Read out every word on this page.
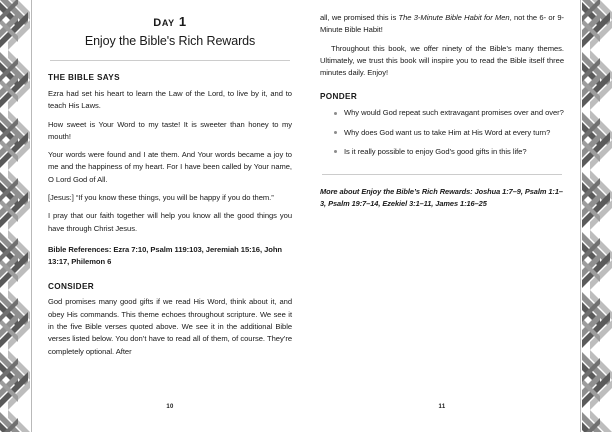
day 1
Enjoy the Bible's Rich Rewards
THE BIBLE SAYS

Ezra had set his heart to learn the Law of the Lord, to live by it, and to teach His Laws.

How sweet is Your Word to my taste! It is sweeter than honey to my mouth!

Your words were found and I ate them. And Your words became a joy to me and the happiness of my heart. For I have been called by Your name, O Lord God of All.

[Jesus:] “If you know these things, you will be happy if you do them.”

I pray that our faith together will help you know all the good things you have through Christ Jesus.

Bible References: Ezra 7:10, Psalm 119:103, Jeremiah 15:16, John 13:17, Philemon 6

CONSIDER

God promises many good gifts if we read His Word, think about it, and obey His commands. This theme echoes throughout scripture. We see it in the five Bible verses quoted above. We see it in the additional Bible verses listed below. You don’t have to read all of them, of course. They’re completely optional. After

10

all, we promised this is The 3-Minute Bible Habit for Men, not the 6- or 9-Minute Bible Habit!

Throughout this book, we offer ninety of the Bible’s many themes. Ultimately, we trust this book will inspire you to read the Bible itself three minutes daily. Enjoy!

PONDER
Why would God repeat such extravagant promises over and over?
Why does God want us to take Him at His Word at every turn?
Is it really possible to enjoy God’s good gifts in this life?

More about Enjoy the Bible’s Rich Rewards: Joshua 1:7–9, Psalm 1:1–3, Psalm 19:7–14, Ezekiel 3:1–11, James 1:16–25

11
